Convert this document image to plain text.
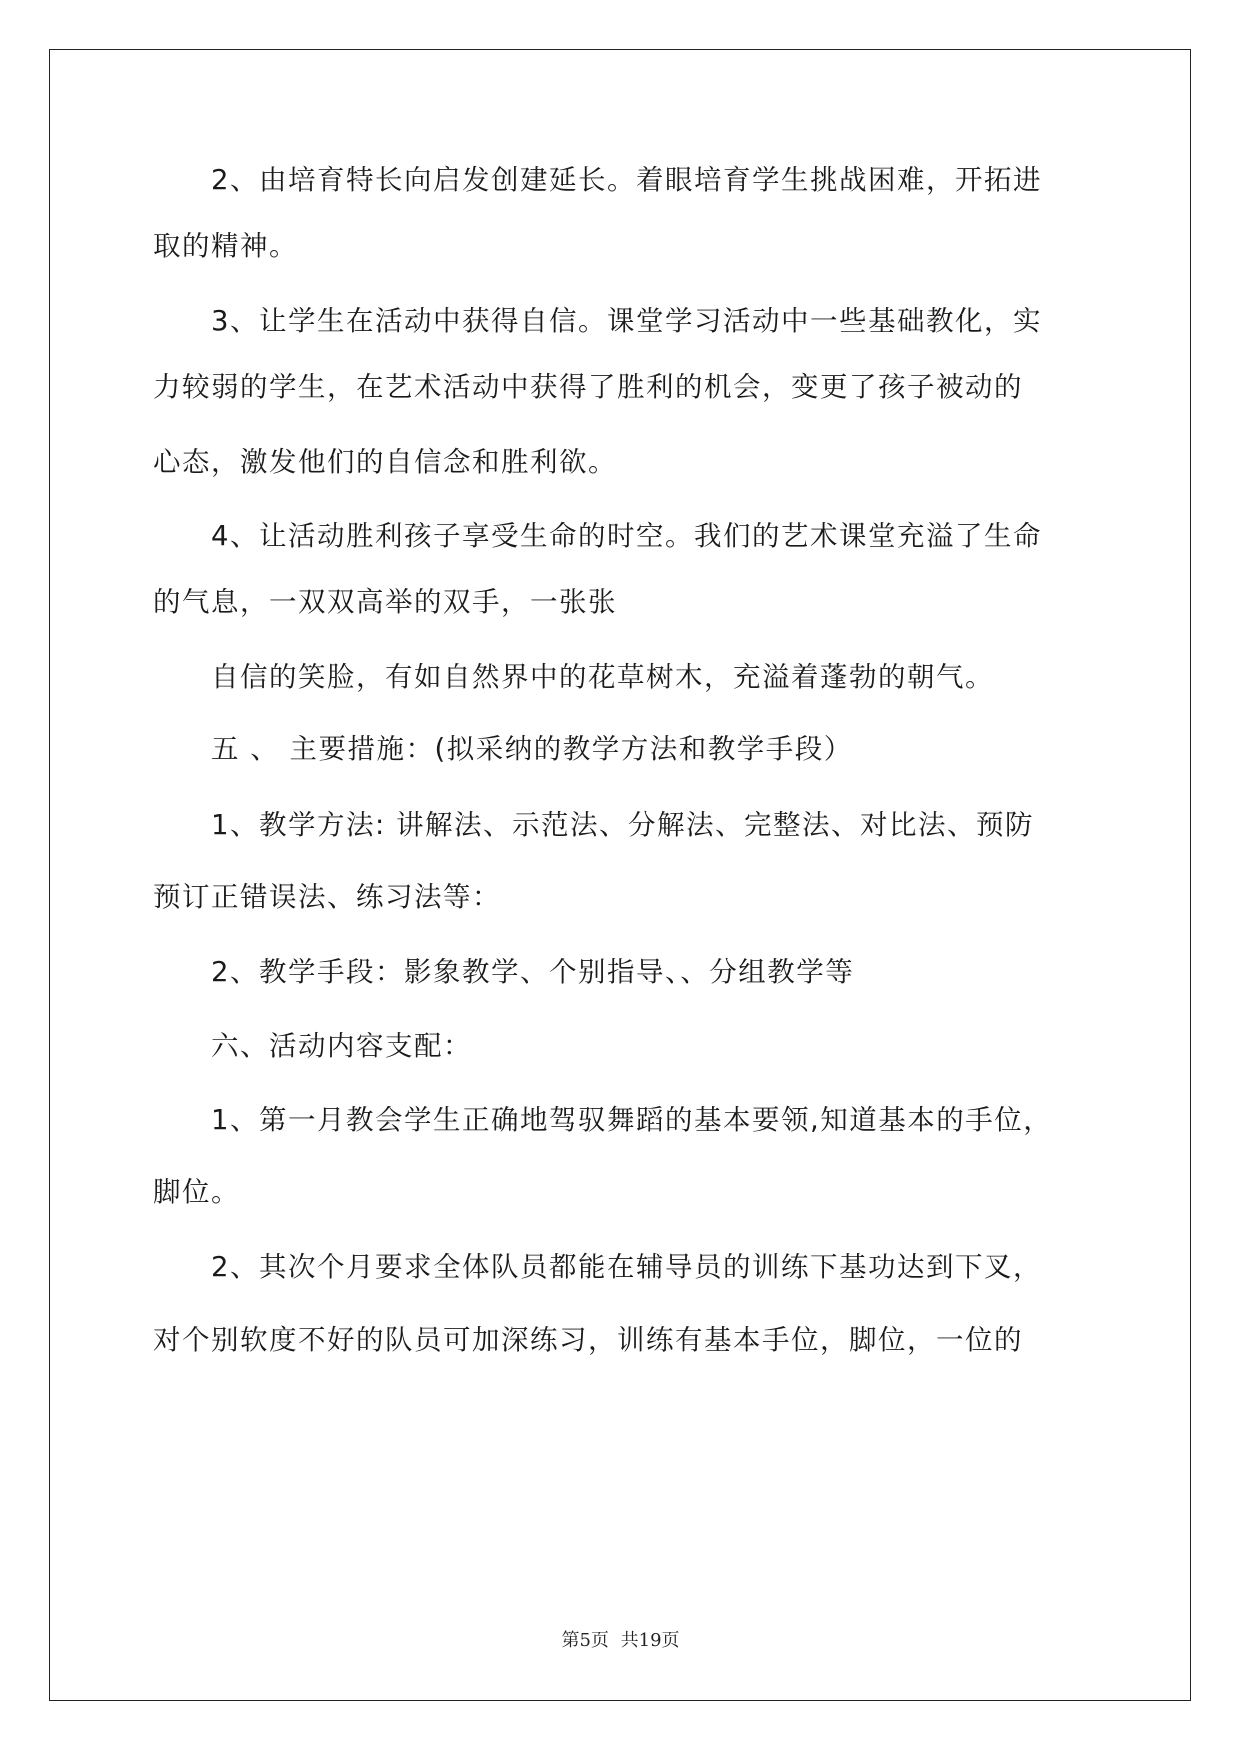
2、由培育特长向启发创建延长。着眼培育学生挑战困难，开拓进
取的精神。
3、让学生在活动中获得自信。课堂学习活动中一些基础教化，实
力较弱的学生，在艺术活动中获得了胜利的机会，变更了孩子被动的
心态，激发他们的自信念和胜利欲。
4、让活动胜利孩子享受生命的时空。我们的艺术课堂充溢了生命
的气息，一双双高举的双手，一张张
自信的笑脸，有如自然界中的花草树木，充溢着蓬勃的朝气。
五 、 主要措施：(拟采纳的教学方法和教学手段）
1、教学方法: 讲解法、示范法、分解法、完整法、对比法、预防
预订正错误法、练习法等：
2、教学手段：影象教学、个别指导、、分组教学等
六、活动内容支配：
1、第一月教会学生正确地驾驭舞蹈的基本要领,知道基本的手位，
脚位。
2、其次个月要求全体队员都能在辅导员的训练下基功达到下叉，
对个别软度不好的队员可加深练习，训练有基本手位，脚位，一位的
第5页 共19页
